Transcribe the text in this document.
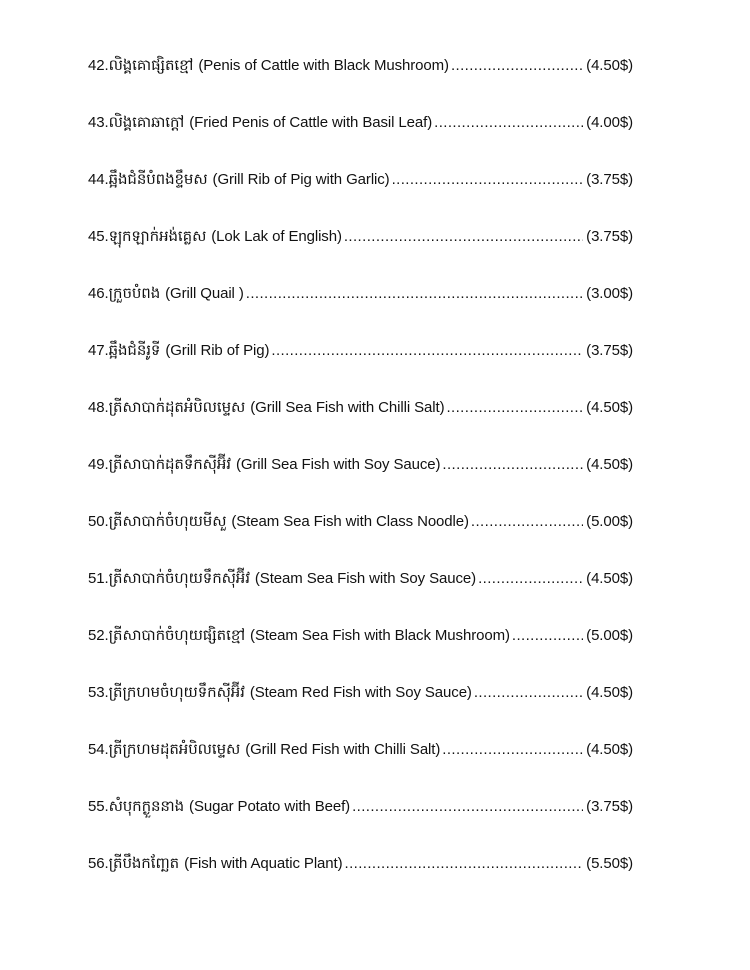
42. លិង្គគោផ្សិតខ្មៅ (Penis of Cattle with Black Mushroom) .....	(4.50$)
43. លិង្គគោឆាក្តៅ (Fried Penis of Cattle with Basil Leaf) .....	(4.00$)
44. ឆ្អឹងជំនីបំពងខ្ទឹមស (Grill Rib of Pig with Garlic) .....	(3.75$)
45. ឡុកឡាក់អង់គ្លេស (Lok Lak of English) .....	(3.75$)
46. ក្រួចបំពង (Grill Quail ) .....	(3.00$)
47. ឆ្អឹងជំនីរូទី (Grill Rib of Pig) .....	(3.75$)
48. ត្រីសាបាក់ដុតអំបិលម្ទេស (Grill Sea Fish with Chilli Salt) .....	(4.50$)
49. ត្រីសាបាក់ដុតទឹកស៊ីអ៊ីវ (Grill Sea Fish with Soy Sauce) .....	(4.50$)
50. ត្រីសាបាក់ចំហុយមីសួ (Steam Sea Fish with Class Noodle) .....	(5.00$)
51. ត្រីសាបាក់ចំហុយទឹកស៊ីអ៊ីវ (Steam Sea Fish with Soy Sauce) .....	(4.50$)
52. ត្រីសាបាក់ចំហុយផ្សិតខ្មៅ (Steam Sea Fish with Black Mushroom) .....	(5.00$)
53. ត្រីក្រហមចំហុយទឹកស៊ីអ៊ីវ (Steam Red Fish with Soy Sauce) .....	(4.50$)
54. ត្រីក្រហមដុតអំបិលម្ទេស (Grill Red Fish with Chilli Salt) .....	(4.50$)
55. សំបុកក្ងួននាង (Sugar Potato with Beef) .....	(3.75$)
56. ត្រីបឹងកញ្ឆែត (Fish with Aquatic Plant) .....	(5.50$)
